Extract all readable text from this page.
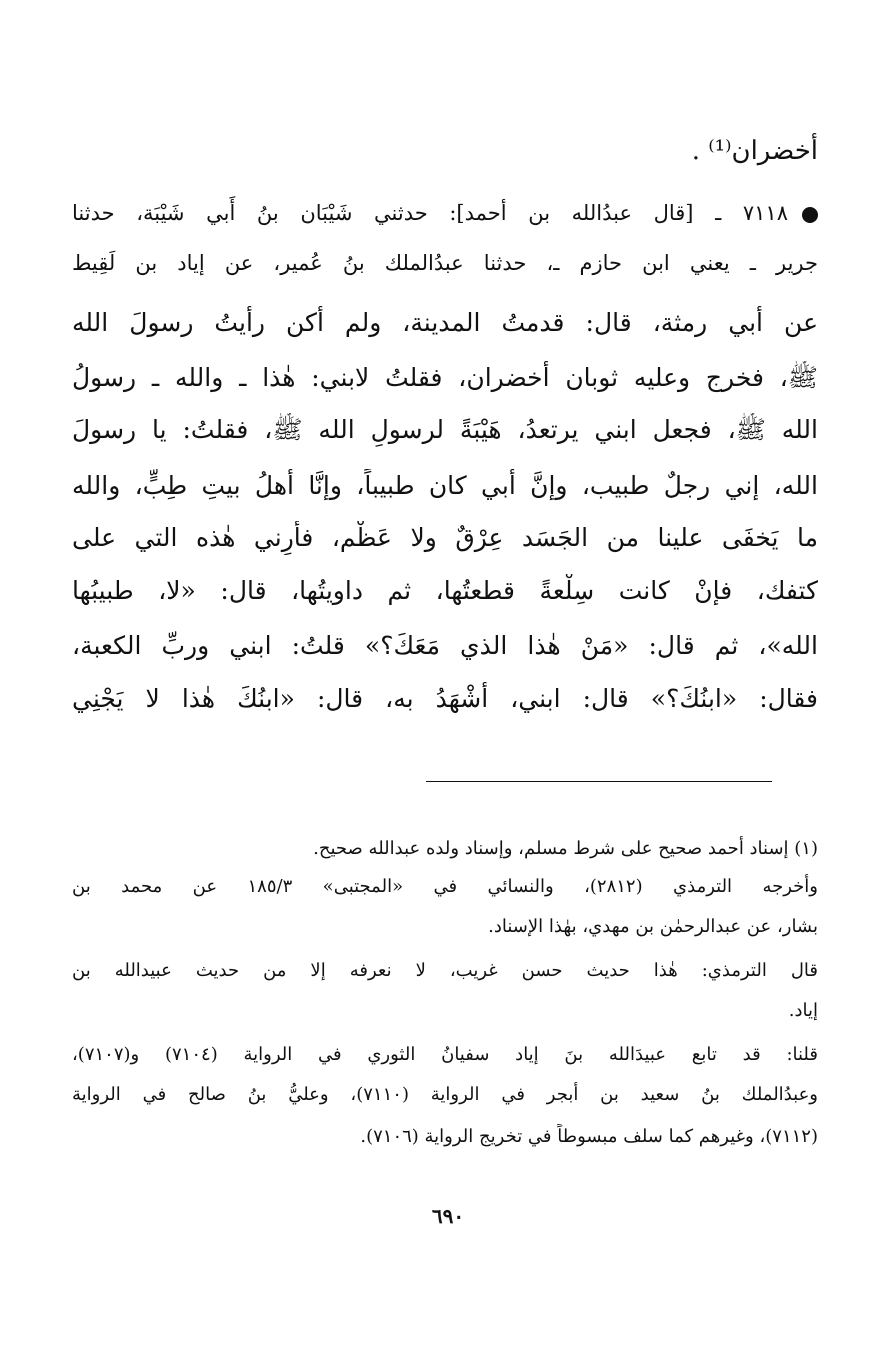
أخضران⁽¹⁾ .
٧١١٨ ـ [قال عبدُالله بن أحمد]: حدثني شَيْبَان بنُ أَبي شَيْبَة، حدثنا
جرير ـ يعني ابن حازم ـ، حدثنا عبدُالملك بنُ عُمير، عن إياد بن لَقِيط
عن أبي رمثة، قال: قدمتُ المدينة، ولم أكن رأيتُ رسولَ الله
ﷺ، فخرج وعليه ثوبان أخضران، فقلتُ لابني: هٰذا ـ والله ـ رسولُ
الله ﷺ، فجعل ابني يرتعدُ، هَيْبَةً لرسولِ الله ﷺ، فقلتُ: يا رسولَ
الله، إني رجلٌ طبيب، وإنَّ أبي كان طبيباً، وإنَّا أهلُ بيتِ طِبٍّ، والله
ما يَخفَى علينا من الجَسَد عِرْقٌ ولا عَظْم، فأَرِني هٰذه التي على
كتفك، فإنْ كانت سِلْعةً قطعتُها، ثم داويتُها، قال: «لا، طبيبُها
الله»، ثم قال: «مَنْ هٰذا الذي مَعَكَ؟» قلتُ: ابني وربِّ الكعبة،
فقال: «ابنُكَ؟» قال: ابني، أَشْهَدُ به، قال: «ابنُكَ هٰذا لا يَجْنِي
(١) إسناد أحمد صحيح على شرط مسلم، وإسناد ولده عبدالله صحيح.
وأخرجه الترمذي (٢٨١٢)، والنسائي في «المجتبى» ١٨٥/٣ عن محمد بن
بشار، عن عبدالرحمٰن بن مهدي، بهٰذا الإسناد.
قال الترمذي: هٰذا حديث حسن غريب، لا نعرفه إلا من حديث عبيدالله بن
إياد.
قلنا: قد تابع عبيدَالله بنَ إياد سفيانُ الثوري في الرواية (٧١٠٤) و(٧١٠٧)،
وعبدُالملك بنُ سعيد بن أبجر في الرواية (٧١١٠)، وعليُّ بنُ صالح في الرواية
(٧١١٢)، وغيرهم كما سلف مبسوطاً في تخريج الرواية (٧١٠٦).
٦٩٠
